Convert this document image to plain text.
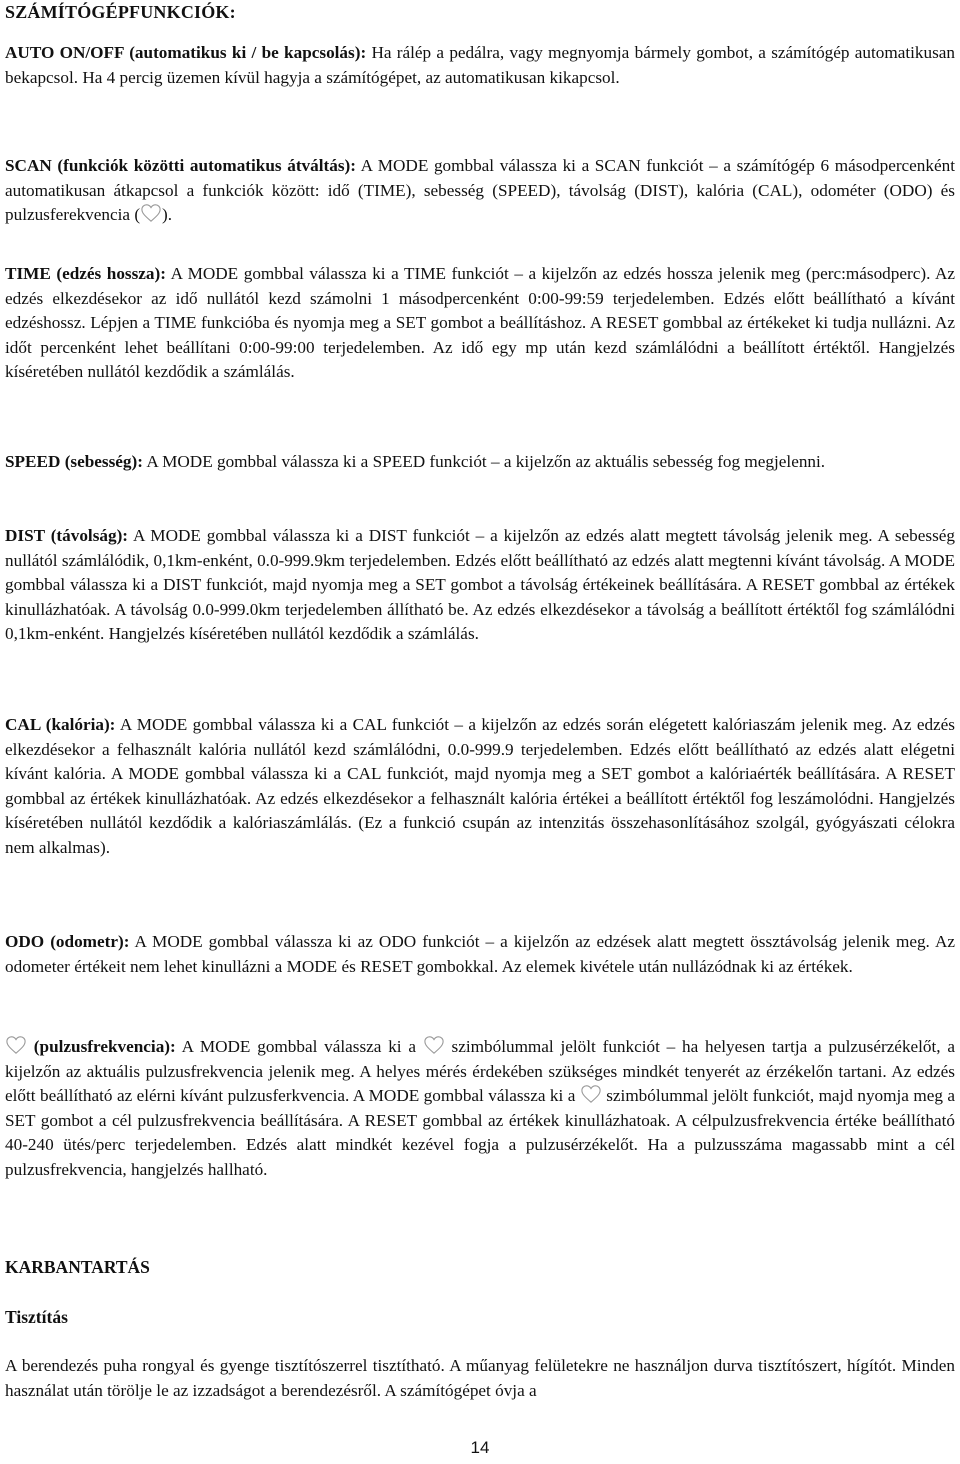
SZÁMÍTÓGÉPFUNKCIÓK:

AUTO ON/OFF (automatikus ki / be kapcsolás): Ha rálép a pedálra, vagy megnyomja bármely gombot, a számítógép automatikusan bekapcsol. Ha 4 percig üzemen kívül hagyja a számítógépet, az automatikusan kikapcsol.

SCAN (funkciók közötti automatikus átváltás): A MODE gombbal válassza ki a SCAN funkciót – a számítógép 6 másodpercenként automatikusan átkapcsol a funkciók között: idő (TIME), sebesség (SPEED), távolság (DIST), kalória (CAL), odométer (ODO) és pulzusferekvencia ( ).

TIME (edzés hossza): A MODE gombbal válassza ki a TIME funkciót – a kijelzőn az edzés hossza jelenik meg (perc:másodperc). Az edzés elkezdésekor az idő nullától kezd számolni 1 másodpercenként 0:00-99:59 terjedelemben. Edzés előtt beállítható a kívánt edzéshossz. Lépjen a TIME funkcióba és nyomja meg a SET gombot a beállításhoz. A RESET gombbal az értékeket ki tudja nullázni. Az időt percenként lehet beállítani 0:00-99:00 terjedelemben. Az idő egy mp után kezd számlálódni a beállított értéktől. Hangjelzés kíséretében nullától kezdődik a számlálás.

SPEED (sebesség): A MODE gombbal válassza ki a SPEED funkciót – a kijelzőn az aktuális sebesség fog megjelenni.

DIST (távolság): A MODE gombbal válassza ki a DIST funkciót – a kijelzőn az edzés alatt megtett távolság jelenik meg. A sebesség nullától számlálódik, 0,1km-enként, 0.0-999.9km terjedelemben. Edzés előtt beállítható az edzés alatt megtenni kívánt távolság. A MODE gombbal válassza ki a DIST funkciót, majd nyomja meg a SET gombot a távolság értékeinek beállítására. A RESET gombbal az értékek kinullázhatóak. A távolság 0.0-999.0km terjedelemben állítható be. Az edzés elkezdésekor a távolság a beállított értéktől fog számlálódni 0,1km-enként. Hangjelzés kíséretében nullától kezdődik a számlálás.

CAL (kalória): A MODE gombbal válassza ki a CAL funkciót – a kijelzőn az edzés során elégetett kalóriaszám jelenik meg. Az edzés elkezdésekor a felhasznált kalória nullától kezd számlálódni, 0.0-999.9 terjedelemben. Edzés előtt beállítható az edzés alatt elégetni kívánt kalória. A MODE gombbal válassza ki a CAL funkciót, majd nyomja meg a SET gombot a kalóriaérték beállítására. A RESET gombbal az értékek kinullázhatóak. Az edzés elkezdésekor a felhasznált kalória értékei a beállított értéktől fog leszámolódni. Hangjelzés kíséretében nullától kezdődik a kalóriaszámlálás. (Ez a funkció csupán az intenzitás összehasonlításához szolgál, gyógyászati célokra nem alkalmas).

ODO (odometr): A MODE gombbal válassza ki az ODO funkciót – a kijelzőn az edzések alatt megtett össztávolság jelenik meg. Az odometer értékeit nem lehet kinullázni a MODE és RESET gombokkal. Az elemek kivétele után nullázódnak ki az értékek.

(pulzusfrekvencia): A MODE gombbal válassza ki a
szimbólummal jelölt funkciót – ha helyesen tartja a pulzusérzékelőt, a kijelzőn az aktuális pulzusfrekvencia jelenik meg. A helyes mérés érdekében szükséges mindkét tenyerét az érzékelőn tartani. Az edzés előtt beállítható az elérni kívánt pulzusferkvencia. A MODE gombbal válassza ki a
szimbólummal jelölt funkciót, majd nyomja meg a SET gombot a cél pulzusfrekvencia beállítására. A RESET gombbal az értékek kinullázhatoak. A célpulzusfrekvencia értéke beállítható 40-240 ütés/perc terjedelemben. Edzés alatt mindkét kezével fogja a pulzusérzékelőt. Ha a pulzusszáma magassabb mint a cél pulzusfrekvencia, hangjelzés hallható.

KARBANTARTÁS
Tisztítás

A berendezés puha rongyal és gyenge tisztítószerrel tisztítható. A műanyag felületekre ne használjon durva tisztítószert, hígítót. Minden használat után törölje le az izzadságot a berendezésről. A számítógépet óvja a

14
